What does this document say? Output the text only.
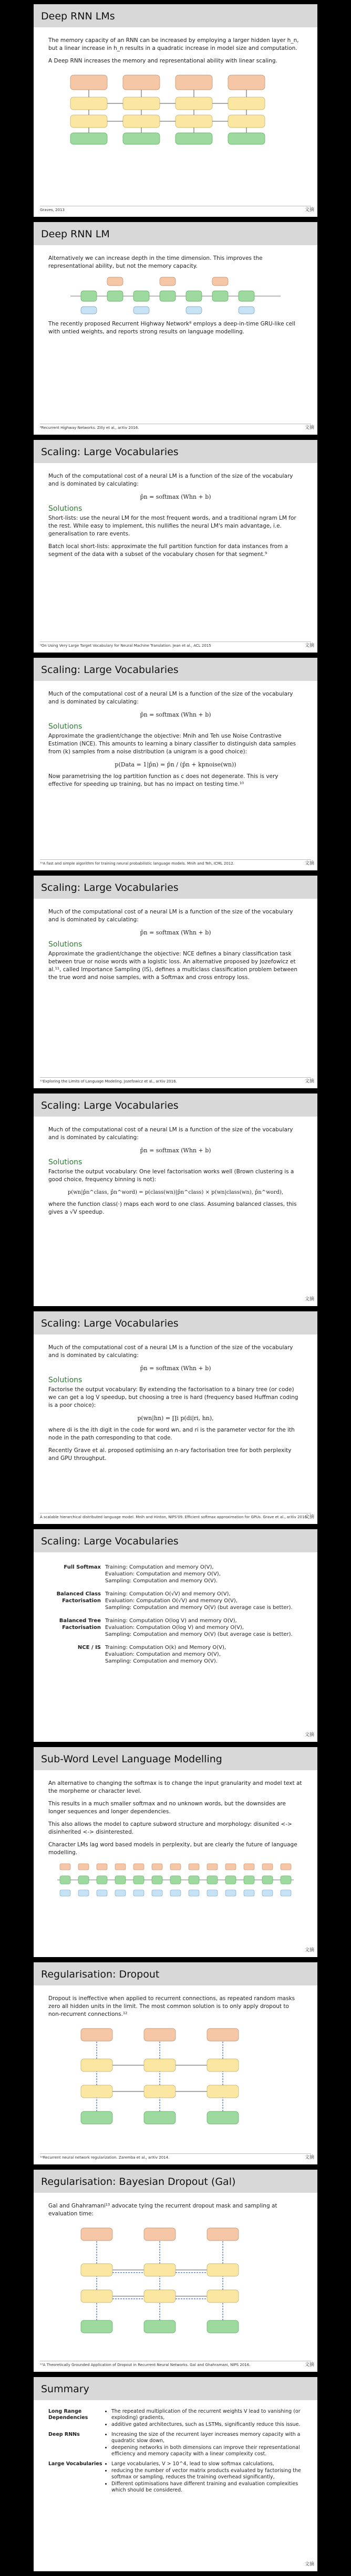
Deep RNN LMs

The memory capacity of an RNN can be increased by employing a larger hidden layer h_n, but a linear increase in h_n results in a quadratic increase in model size and computation.

A Deep RNN increases the memory and representational ability with linear scaling.

Graves, 2013	文摘
Deep RNN LM

Alternatively we can increase depth in the time dimension. This improves the representational ability, but not the memory capacity.

The recently proposed Recurrent Highway Network⁸ employs a deep-in-time GRU-like cell with untied weights, and reports strong results on language modelling.

⁸Recurrent Highway Networks. Zilly et al., arXiv 2016.	文摘
Scaling: Large Vocabularies

Much of the computational cost of a neural LM is a function of the size of the vocabulary and is dominated by calculating:

p̂n = softmax (Whn + b)
Solutions

Short-lists: use the neural LM for the most frequent words, and a traditional ngram LM for the rest. While easy to implement, this nullifies the neural LM's main advantage, i.e. generalisation to rare events.

Batch local short-lists: approximate the full partition function for data instances from a segment of the data with a subset of the vocabulary chosen for that segment.⁹

⁹On Using Very Large Target Vocabulary for Neural Machine Translation. Jean et al., ACL 2015	文摘
Scaling: Large Vocabularies

Much of the computational cost of a neural LM is a function of the size of the vocabulary and is dominated by calculating:

p̂n = softmax (Whn + b)
Solutions

Approximate the gradient/change the objective: Mnih and Teh use Noise Contrastive Estimation (NCE). This amounts to learning a binary classifier to distinguish data samples from (k) samples from a noise distribution (a unigram is a good choice):

p(Data = 1|p̂n) = p̂n / (p̂n + kpnoise(wn))

Now parametrising the log partition function as c does not degenerate. This is very effective for speeding up training, but has no impact on testing time.¹⁰

¹⁰A fast and simple algorithm for training neural probabilistic language models. Mnih and Teh, ICML 2012.	文摘
Scaling: Large Vocabularies

Much of the computational cost of a neural LM is a function of the size of the vocabulary and is dominated by calculating:

p̂n = softmax (Whn + b)
Solutions

Approximate the gradient/change the objective: NCE defines a binary classification task between true or noise words with a logistic loss. An alternative proposed by Jozefowicz et al.¹¹, called Importance Sampling (IS), defines a multiclass classification problem between the true word and noise samples, with a Softmax and cross entropy loss.

¹¹Exploring the Limits of Language Modeling. Jozefowicz et al., arXiv 2016.	文摘
Scaling: Large Vocabularies

Much of the computational cost of a neural LM is a function of the size of the vocabulary and is dominated by calculating:

p̂n = softmax (Whn + b)
Solutions

Factorise the output vocabulary: One level factorisation works well (Brown clustering is a good choice, frequency binning is not):

p(wn|p̂n^class, p̂n^word) = p(class(wn)|p̂n^class) × p(wn|class(wn), p̂n^word),

where the function class(·) maps each word to one class. Assuming balanced classes, this gives a √V speedup.

文摘
Scaling: Large Vocabularies

Much of the computational cost of a neural LM is a function of the size of the vocabulary and is dominated by calculating:

p̂n = softmax (Whn + b)
Solutions

Factorise the output vocabulary: By extending the factorisation to a binary tree (or code) we can get a log V speedup, but choosing a tree is hard (frequency based Huffman coding is a poor choice):

p(wn|hn) = ∏i p(di|ri, hn),

where di is the ith digit in the code for word wn, and ri is the parameter vector for the ith node in the path corresponding to that code.

Recently Grave et al. proposed optimising an n-ary factorisation tree for both perplexity and GPU throughput.

A scalable hierarchical distributed language model. Mnih and Hinton, NIPS'09. Efficient softmax approximation for GPUs. Grave et al., arXiv 2016
文摘
Scaling: Large Vocabularies
Full Softmax Training: Computation and memory O(V),
Evaluation: Computation and memory O(V),
Sampling: Computation and memory O(V).
Balanced Class Factorisation
Training: Computation O(√V) and memory O(V),
Evaluation: Computation O(√V) and memory O(V),
Sampling: Computation and memory O(V) (but average case is better).
Balanced Tree Factorisation
Training: Computation O(log V) and memory O(V),
Evaluation: Computation O(log V) and memory O(V),
Sampling: Computation and memory O(V) (but average case is better).
NCE / IS Training: Computation O(k) and Memory O(V),
Evaluation: Computation and memory O(V),
Sampling: Computation and memory O(V).
文摘
Sub-Word Level Language Modelling

An alternative to changing the softmax is to change the input granularity and model text at the morpheme or character level.

This results in a much smaller softmax and no unknown words, but the downsides are longer sequences and longer dependencies.

This also allows the model to capture subword structure and morphology: disunited <-> disinherited <-> disinterested.

Character LMs lag word based models in perplexity, but are clearly the future of language modelling.

文摘
Regularisation: Dropout

Dropout is ineffective when applied to recurrent connections, as repeated random masks zero all hidden units in the limit. The most common solution is to only apply dropout to non-recurrent connections.¹²

¹²Recurrent neural network regularization. Zaremba et al., arXiv 2014.	文摘
Regularisation: Bayesian Dropout (Gal)

Gal and Ghahramani¹³ advocate tying the recurrent dropout mask and sampling at evaluation time:

¹³A Theoretically Grounded Application of Dropout in Recurrent Neural Networks. Gal and Ghahramani, NIPS 2016.	文摘
Summary
Long Range Dependencies
• The repeated multiplication of the recurrent weights V lead to vanishing (or exploding) gradients,
• additive gated architectures, such as LSTMs, significantly reduce this issue.
Deep RNNs	• Increasing the size of the recurrent layer increases memory capacity with a quadratic slow down,
• deepening networks in both dimensions can improve their representational efficiency and memory capacity with a linear complexity cost.
Large Vocabularies	• Large vocabularies, V > 10^4, lead to slow softmax calculations,
• reducing the number of vector matrix products evaluated by factorising the softmax or sampling, reduces the training overhead significantly,
• Different optimisations have different training and evaluation complexities which should be considered.
文摘
